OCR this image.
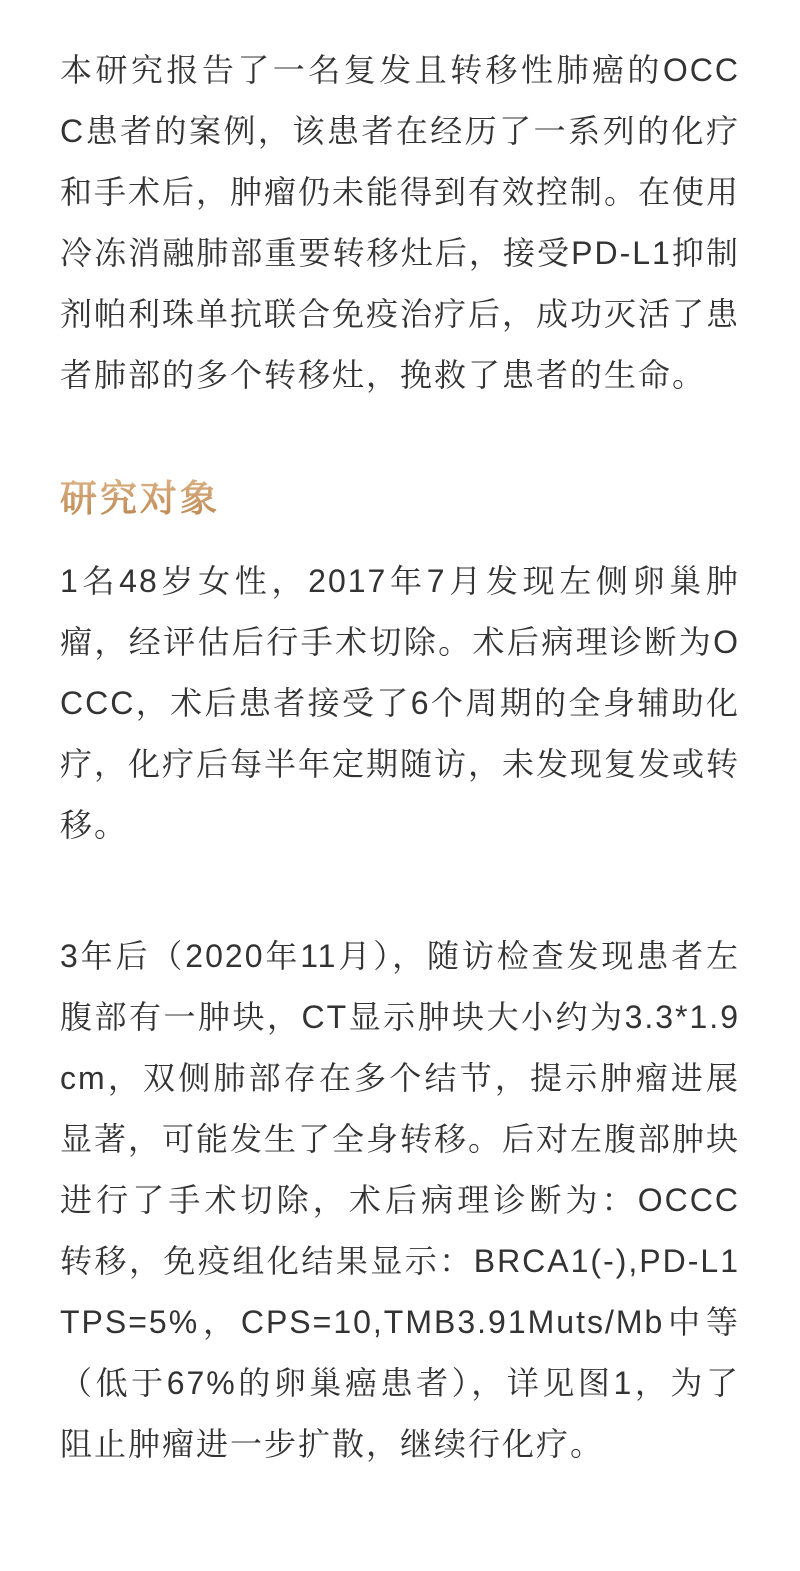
本研究报告了一名复发且转移性肺癌的OCCC患者的案例，该患者在经历了一系列的化疗和手术后，肿瘤仍未能得到有效控制。在使用冷冻消融肺部重要转移灶后，接受PD-L1抑制剂帕利珠单抗联合免疫治疗后，成功灭活了患者肺部的多个转移灶，挽救了患者的生命。

研究对象

1名48岁女性，2017年7月发现左侧卵巢肿瘤，经评估后行手术切除。术后病理诊断为OCCC，术后患者接受了6个周期的全身辅助化疗，化疗后每半年定期随访，未发现复发或转移。

3年后（2020年11月），随访检查发现患者左腹部有一肿块，CT显示肿块大小约为3.3*1.9cm，双侧肺部存在多个结节，提示肿瘤进展显著，可能发生了全身转移。后对左腹部肿块进行了手术切除，术后病理诊断为：OCCC转移，免疫组化结果显示：BRCA1(-),PD-L1TPS=5%，CPS=10,TMB3.91Muts/Mb中等（低于67%的卵巢癌患者），详见图1，为了阻止肿瘤进一步扩散，继续行化疗。
